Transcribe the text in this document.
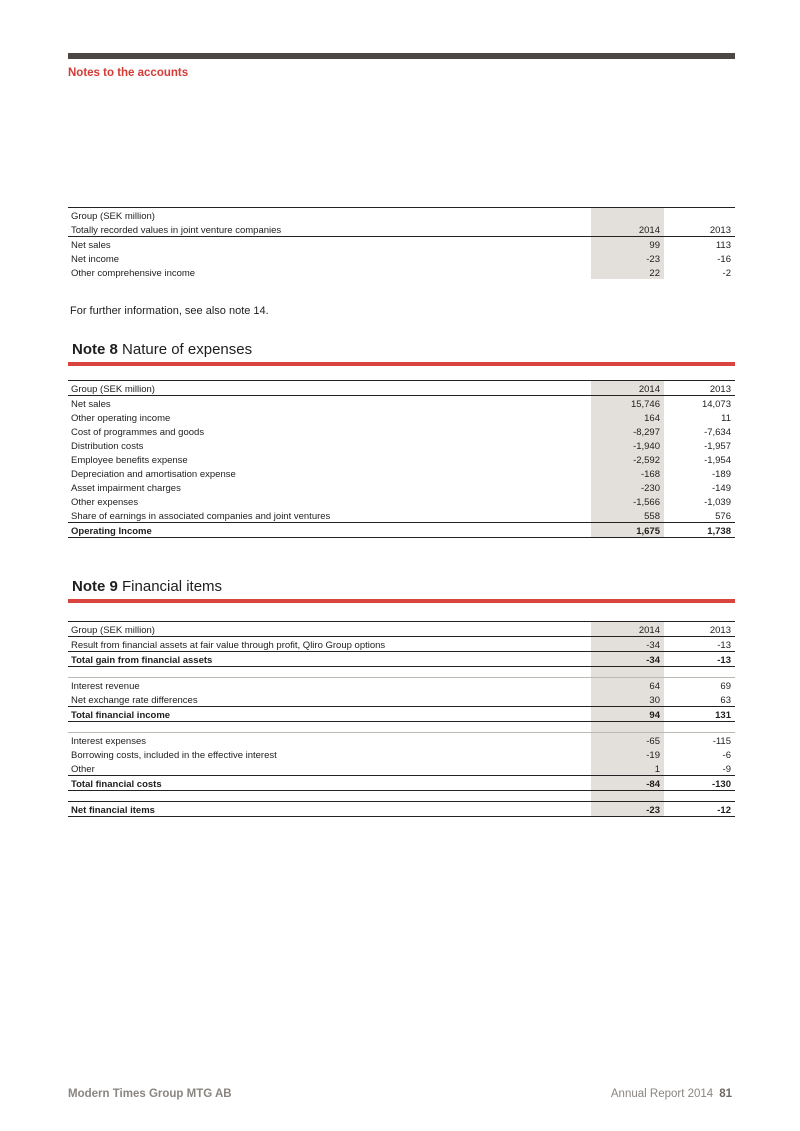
Notes to the accounts
Group (SEK million)		
Totally recorded values in joint venture companies	2014	2013
Net sales	99	113
Net income	-23	-16
Other comprehensive income	22	-2
For further information, see also note 14.
Note 8 Nature of expenses
Group (SEK million)	2014	2013
Net sales	15,746	14,073
Other operating income	164	11
Cost of programmes and goods	-8,297	-7,634
Distribution costs	-1,940	-1,957
Employee benefits expense	-2,592	-1,954
Depreciation and amortisation expense	-168	-189
Asset impairment charges	-230	-149
Other expenses	-1,566	-1,039
Share of earnings in associated companies and joint ventures	558	576
Operating Income	1,675	1,738
Note 9 Financial items
Group (SEK million)	2014	2013
Result from financial assets at fair value through profit, Qliro Group options	-34	-13
Total gain from financial assets	-34	-13

Interest revenue	64	69
Net exchange rate differences	30	63
Total financial income	94	131

Interest expenses	-65	-115
Borrowing costs, included in the effective interest	-19	-6
Other	1	-9
Total financial costs	-84	-130

Net financial items	-23	-12
Modern Times Group MTG AB	Annual Report 2014 81
